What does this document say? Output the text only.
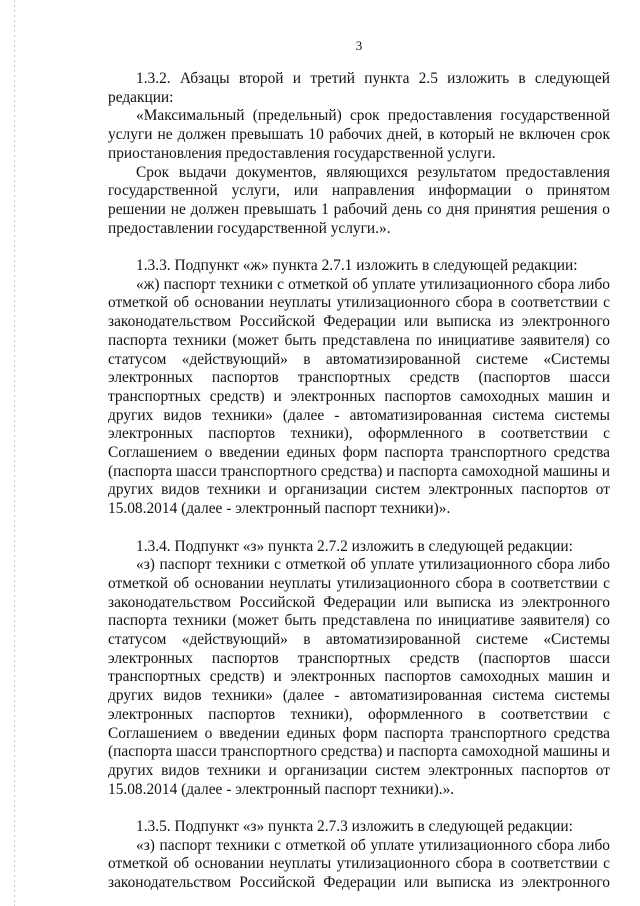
3

1.3.2. Абзацы второй и третий пункта 2.5 изложить в следующей редакции:

«Максимальный (предельный) срок предоставления государственной услуги не должен превышать 10 рабочих дней, в который не включен срок приостановления предоставления государственной услуги.

Срок выдачи документов, являющихся результатом предоставления государственной услуги, или направления информации о принятом решении не должен превышать 1 рабочий день со дня принятия решения о предоставлении государственной услуги.».

1.3.3. Подпункт «ж» пункта 2.7.1 изложить в следующей редакции:

«ж) паспорт техники с отметкой об уплате утилизационного сбора либо отметкой об основании неуплаты утилизационного сбора в соответствии с законодательством Российской Федерации или выписка из электронного паспорта техники (может быть представлена по инициативе заявителя) со статусом «действующий» в автоматизированной системе «Системы электронных паспортов транспортных средств (паспортов шасси транспортных средств) и электронных паспортов самоходных машин и других видов техники» (далее - автоматизированная система системы электронных паспортов техники), оформленного в соответствии с Соглашением о введении единых форм паспорта транспортного средства (паспорта шасси транспортного средства) и паспорта самоходной машины и других видов техники и организации систем электронных паспортов от 15.08.2014 (далее - электронный паспорт техники)».

1.3.4. Подпункт «з» пункта 2.7.2 изложить в следующей редакции:

«з) паспорт техники с отметкой об уплате утилизационного сбора либо отметкой об основании неуплаты утилизационного сбора в соответствии с законодательством Российской Федерации или выписка из электронного паспорта техники (может быть представлена по инициативе заявителя) со статусом «действующий» в автоматизированной системе «Системы электронных паспортов транспортных средств (паспортов шасси транспортных средств) и электронных паспортов самоходных машин и других видов техники» (далее - автоматизированная система системы электронных паспортов техники), оформленного в соответствии с Соглашением о введении единых форм паспорта транспортного средства (паспорта шасси транспортного средства) и паспорта самоходной машины и других видов техники и организации систем электронных паспортов от 15.08.2014 (далее - электронный паспорт техники).».

1.3.5. Подпункт «з» пункта 2.7.3 изложить в следующей редакции:

«з) паспорт техники с отметкой об уплате утилизационного сбора либо отметкой об основании неуплаты утилизационного сбора в соответствии с законодательством Российской Федерации или выписка из электронного
